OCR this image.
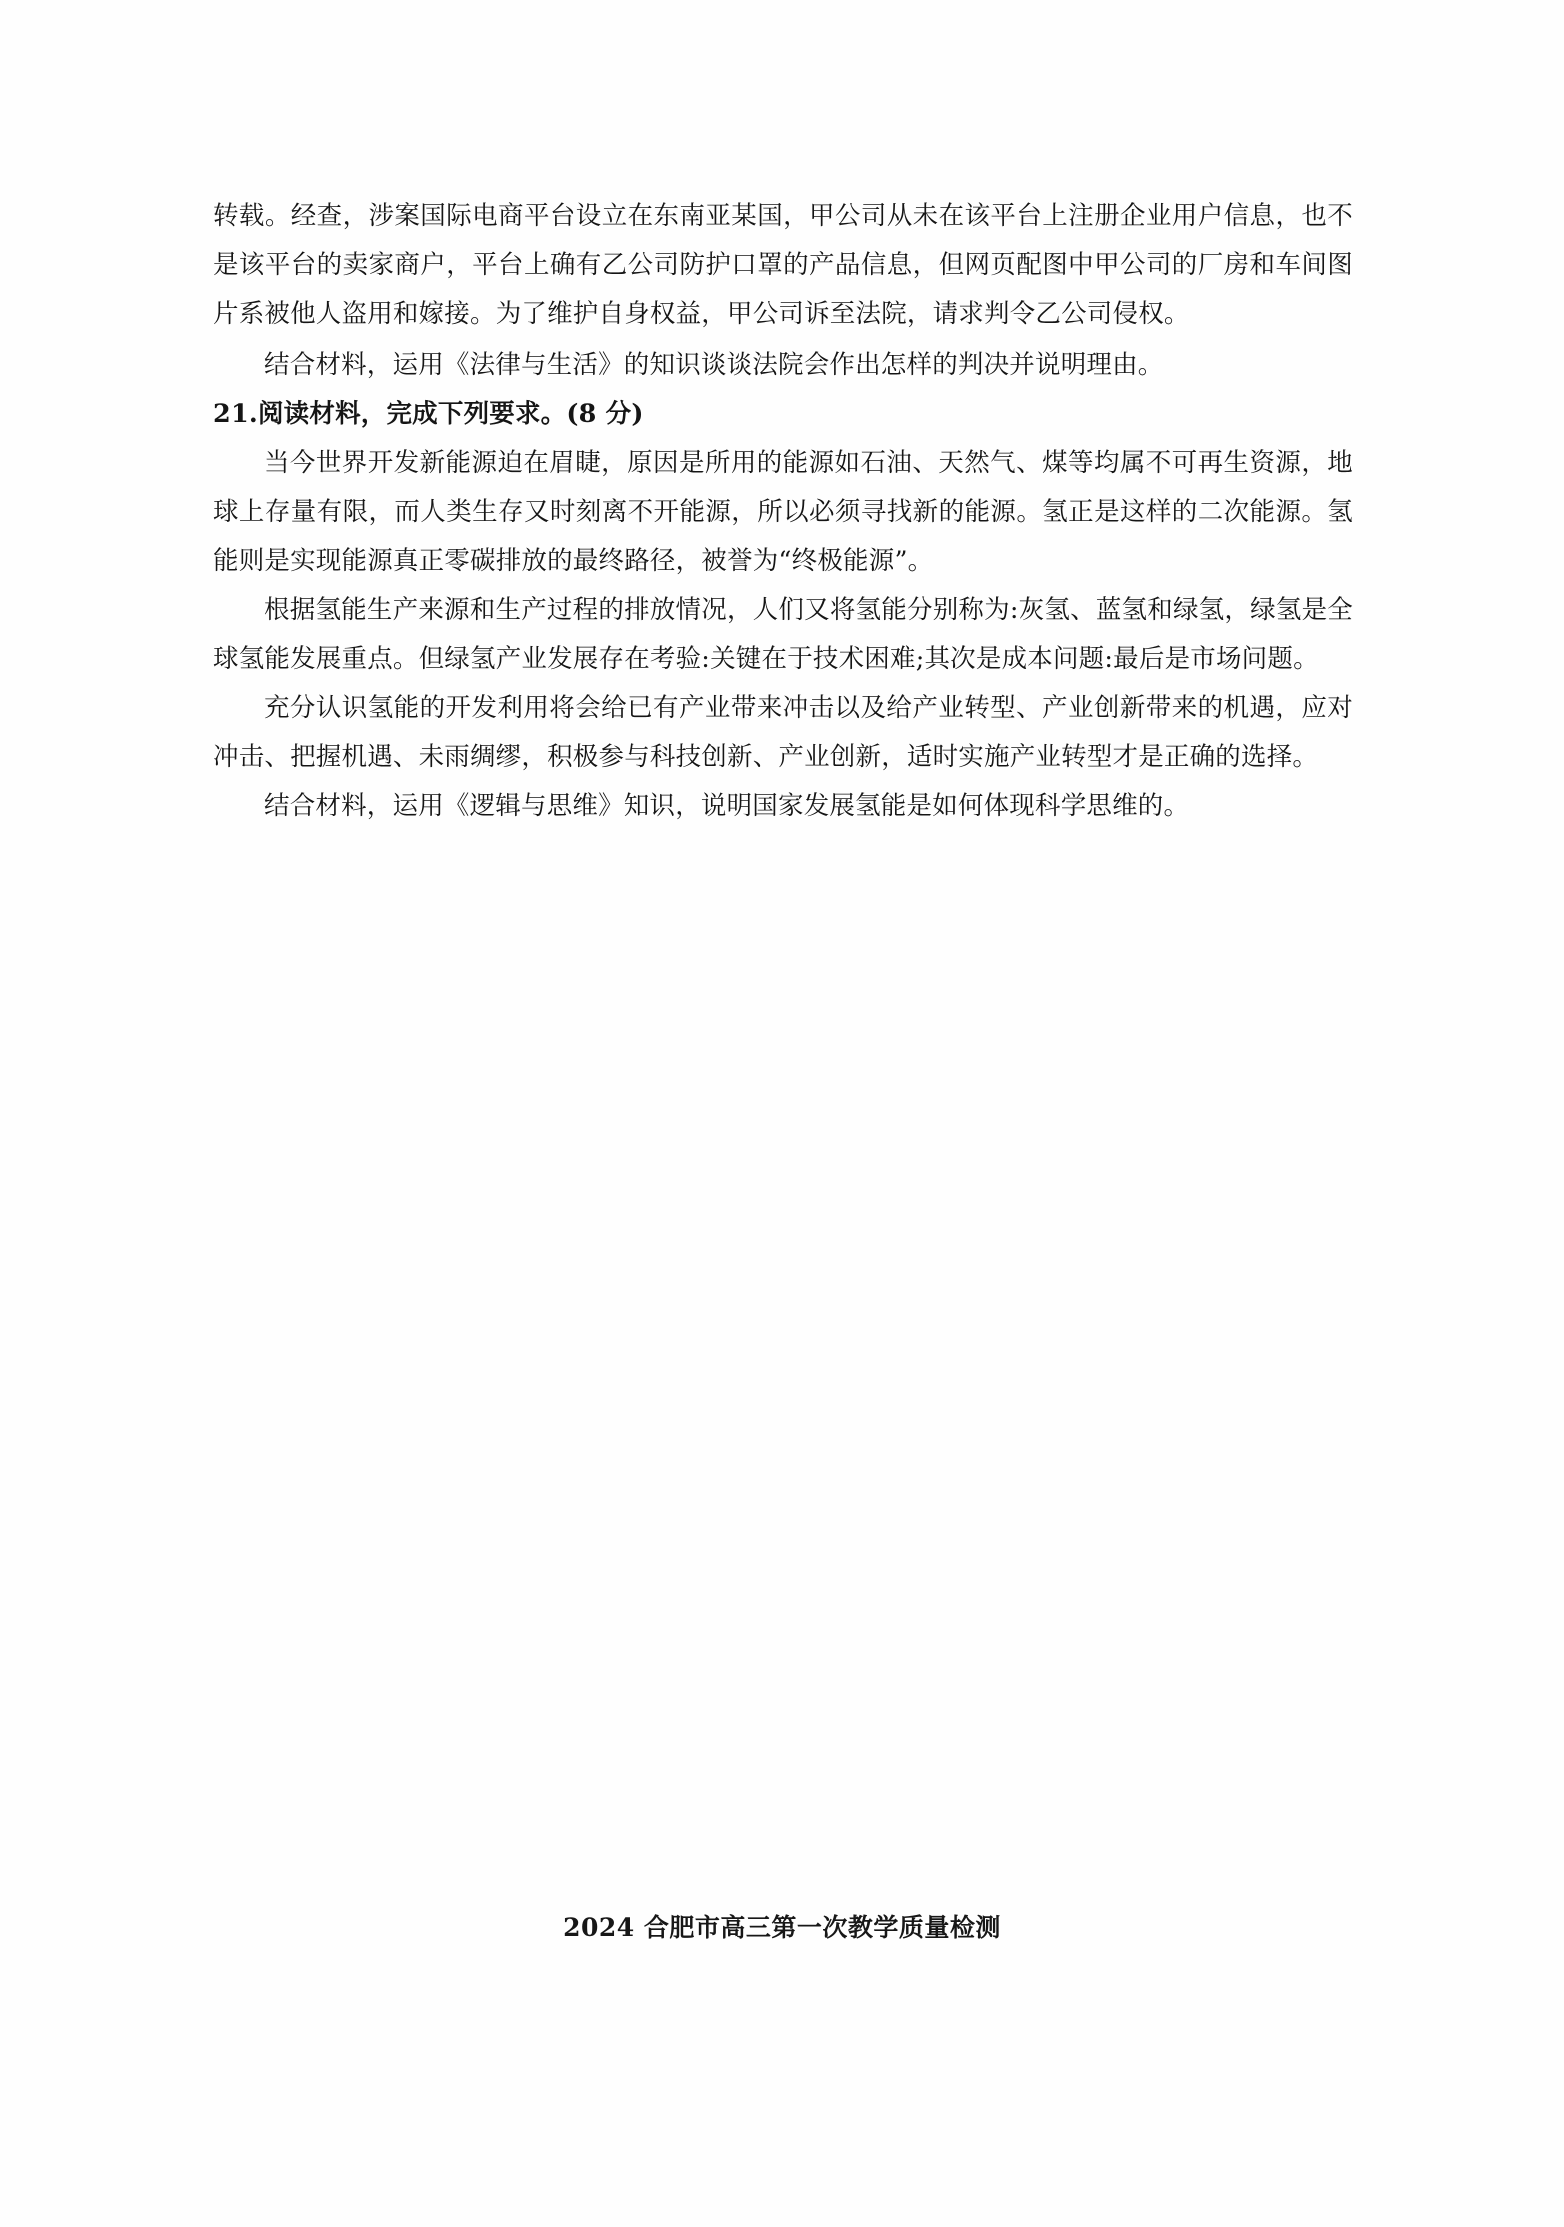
转载。经查，涉案国际电商平台设立在东南亚某国，甲公司从未在该平台上注册企业用户信息，也不是该平台的卖家商户，平台上确有乙公司防护口罩的产品信息，但网页配图中甲公司的厂房和车间图片系被他人盗用和嫁接。为了维护自身权益，甲公司诉至法院，请求判令乙公司侵权。

结合材料，运用《法律与生活》的知识谈谈法院会作出怎样的判决并说明理由。

21.阅读材料，完成下列要求。(8 分)

当今世界开发新能源迫在眉睫，原因是所用的能源如石油、天然气、煤等均属不可再生资源，地球上存量有限，而人类生存又时刻离不开能源，所以必须寻找新的能源。氢正是这样的二次能源。氢能则是实现能源真正零碳排放的最终路径，被誉为“终极能源”。

根据氢能生产来源和生产过程的排放情况，人们又将氢能分别称为:灰氢、蓝氢和绿氢，绿氢是全球氢能发展重点。但绿氢产业发展存在考验:关键在于技术困难;其次是成本问题:最后是市场问题。

充分认识氢能的开发利用将会给已有产业带来冲击以及给产业转型、产业创新带来的机遇，应对冲击、把握机遇、未雨绸缪，积极参与科技创新、产业创新，适时实施产业转型才是正确的选择。

结合材料，运用《逻辑与思维》知识，说明国家发展氢能是如何体现科学思维的。

2024 合肥市高三第一次教学质量检测
